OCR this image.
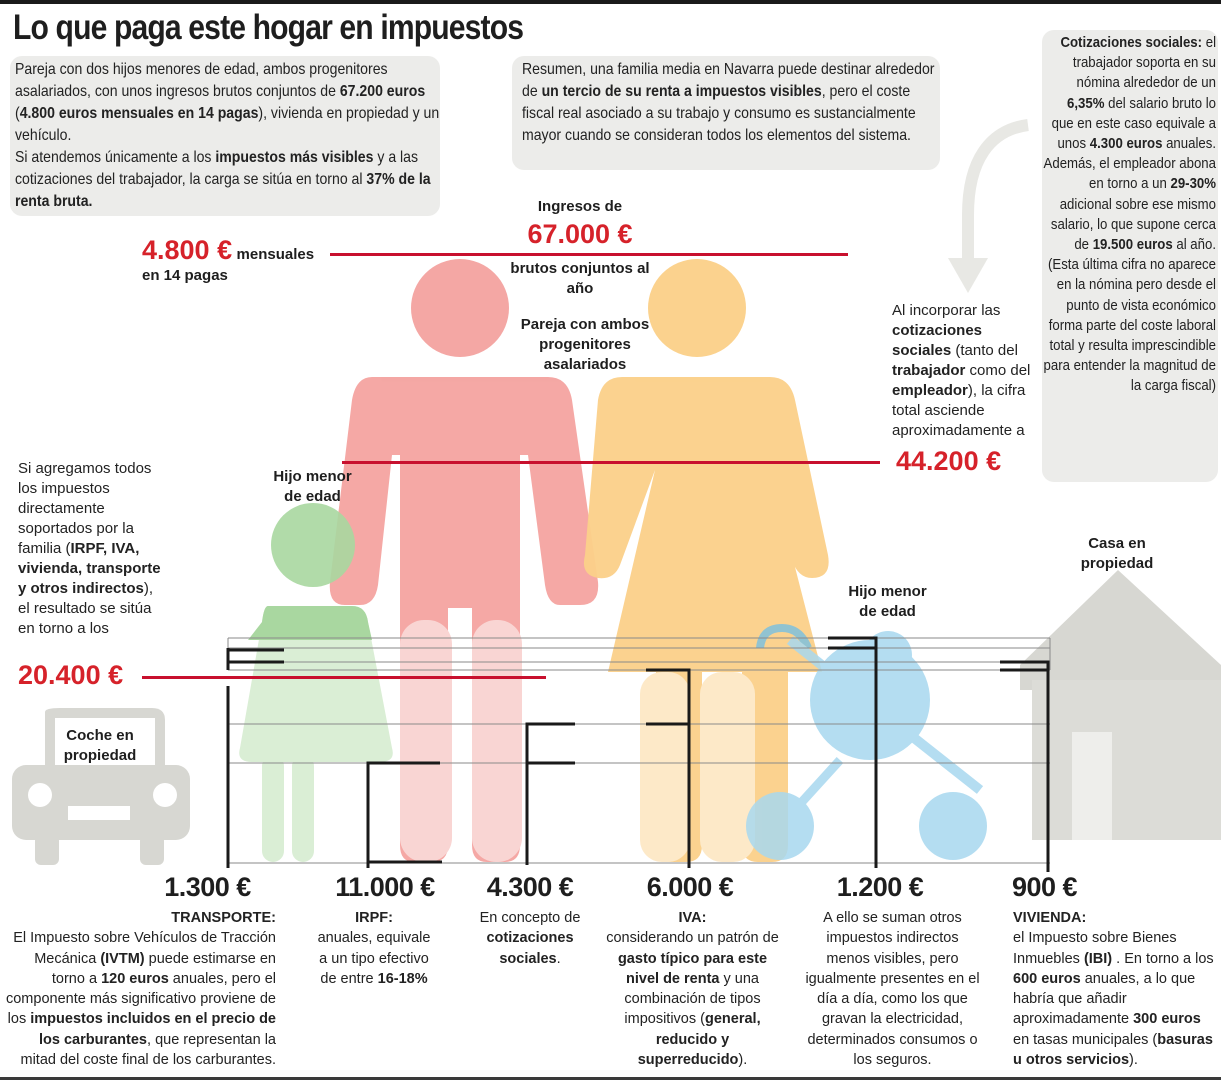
Lo que paga este hogar en impuestos
Pareja con dos hijos menores de edad, ambos progenitores asalariados, con unos ingresos brutos conjuntos de 67.200 euros (4.800 euros mensuales en 14 pagas), vivienda en propiedad y un vehículo.
Si atendemos únicamente a los impuestos más visibles y a las cotizaciones del trabajador, la carga se sitúa en torno al 37% de la renta bruta.
Resumen, una familia media en Navarra puede destinar alrededor de un tercio de su renta a impuestos visibles, pero el coste fiscal real asociado a su trabajo y consumo es sustancialmente mayor cuando se consideran todos los elementos del sistema.
Cotizaciones sociales: el trabajador soporta en su nómina alrededor de un 6,35% del salario bruto lo que en este caso equivale a unos 4.300 euros anuales. Además, el empleador abona en torno a un 29-30% adicional sobre ese mismo salario, lo que supone cerca de 19.500 euros al año. (Esta última cifra no aparece en la nómina pero desde el punto de vista económico forma parte del coste laboral total y resulta imprescindible para entender la magnitud de la carga fiscal)
Ingresos de
67.000 €
brutos conjuntos al año
4.800 € mensuales
en 14 pagas
Pareja con ambos progenitores asalariados
Al incorporar las cotizaciones sociales (tanto del trabajador como del empleador), la cifra total asciende aproximadamente a
44.200 €
Si agregamos todos los impuestos directamente soportados por la familia (IRPF, IVA, vivienda, transporte y otros indirectos), el resultado se sitúa en torno a los
20.400 €
Hijo menor de edad
Hijo menor de edad
Coche en propiedad
Casa en propiedad
1.300 €	11.000 €	4.300 €	6.000 €	1.200 €	900 €
TRANSPORTE:
El Impuesto sobre Vehículos de Tracción Mecánica (IVTM) puede estimarse en torno a 120 euros anuales, pero el componente más significativo proviene de los impuestos incluidos en el precio de los carburantes, que representan la mitad del coste final de los carburantes.
IRPF:
anuales, equivale a un tipo efectivo de entre 16-18%
En concepto de cotizaciones sociales.
IVA:
considerando un patrón de gasto típico para este nivel de renta y una combinación de tipos impositivos (general, reducido y superreducido).
A ello se suman otros impuestos indirectos menos visibles, pero igualmente presentes en el día a día, como los que gravan la electricidad, determinados consumos o los seguros.
VIVIENDA:
el Impuesto sobre Bienes Inmuebles (IBI) . En torno a los 600 euros anuales, a lo que habría que añadir aproximadamente 300 euros en tasas municipales (basuras u otros servicios).
